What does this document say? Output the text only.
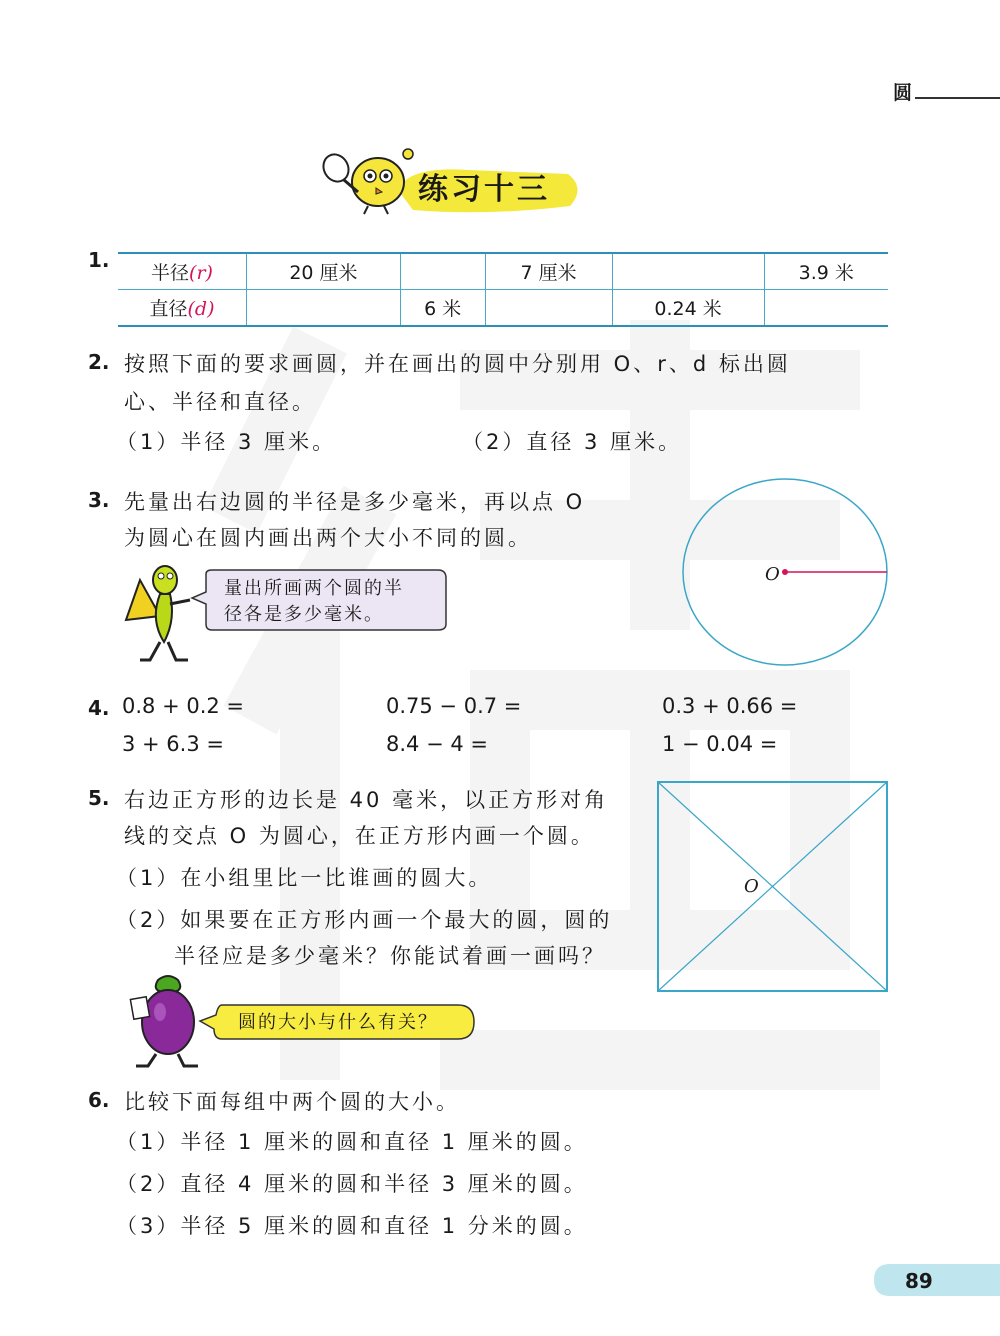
圆
练习十三
1.
半径(r)	20 厘米		7 厘米		3.9 米
直径(d)		6 米		0.24 米	
2. 按照下面的要求画圆，并在画出的圆中分别用 O、r、d 标出圆
心、半径和直径。
（1）半径 3 厘米。	（2）直径 3 厘米。
3. 先量出右边圆的半径是多少毫米，再以点 O
为圆心在圆内画出两个大小不同的圆。
量出所画两个圆的半
径各是多少毫米。
O
4. 0.8 + 0.2 =	0.75 − 0.7 =	0.3 + 0.66 =
3 + 6.3 =	8.4 − 4 =	1 − 0.04 =
5. 右边正方形的边长是 40 毫米，以正方形对角
线的交点 O 为圆心，在正方形内画一个圆。
（1）在小组里比一比谁画的圆大。
（2）如果要在正方形内画一个最大的圆，圆的
半径应是多少毫米？你能试着画一画吗？
O
圆的大小与什么有关？
6. 比较下面每组中两个圆的大小。
（1）半径 1 厘米的圆和直径 1 厘米的圆。
（2）直径 4 厘米的圆和半径 3 厘米的圆。
（3）半径 5 厘米的圆和直径 1 分米的圆。
89
